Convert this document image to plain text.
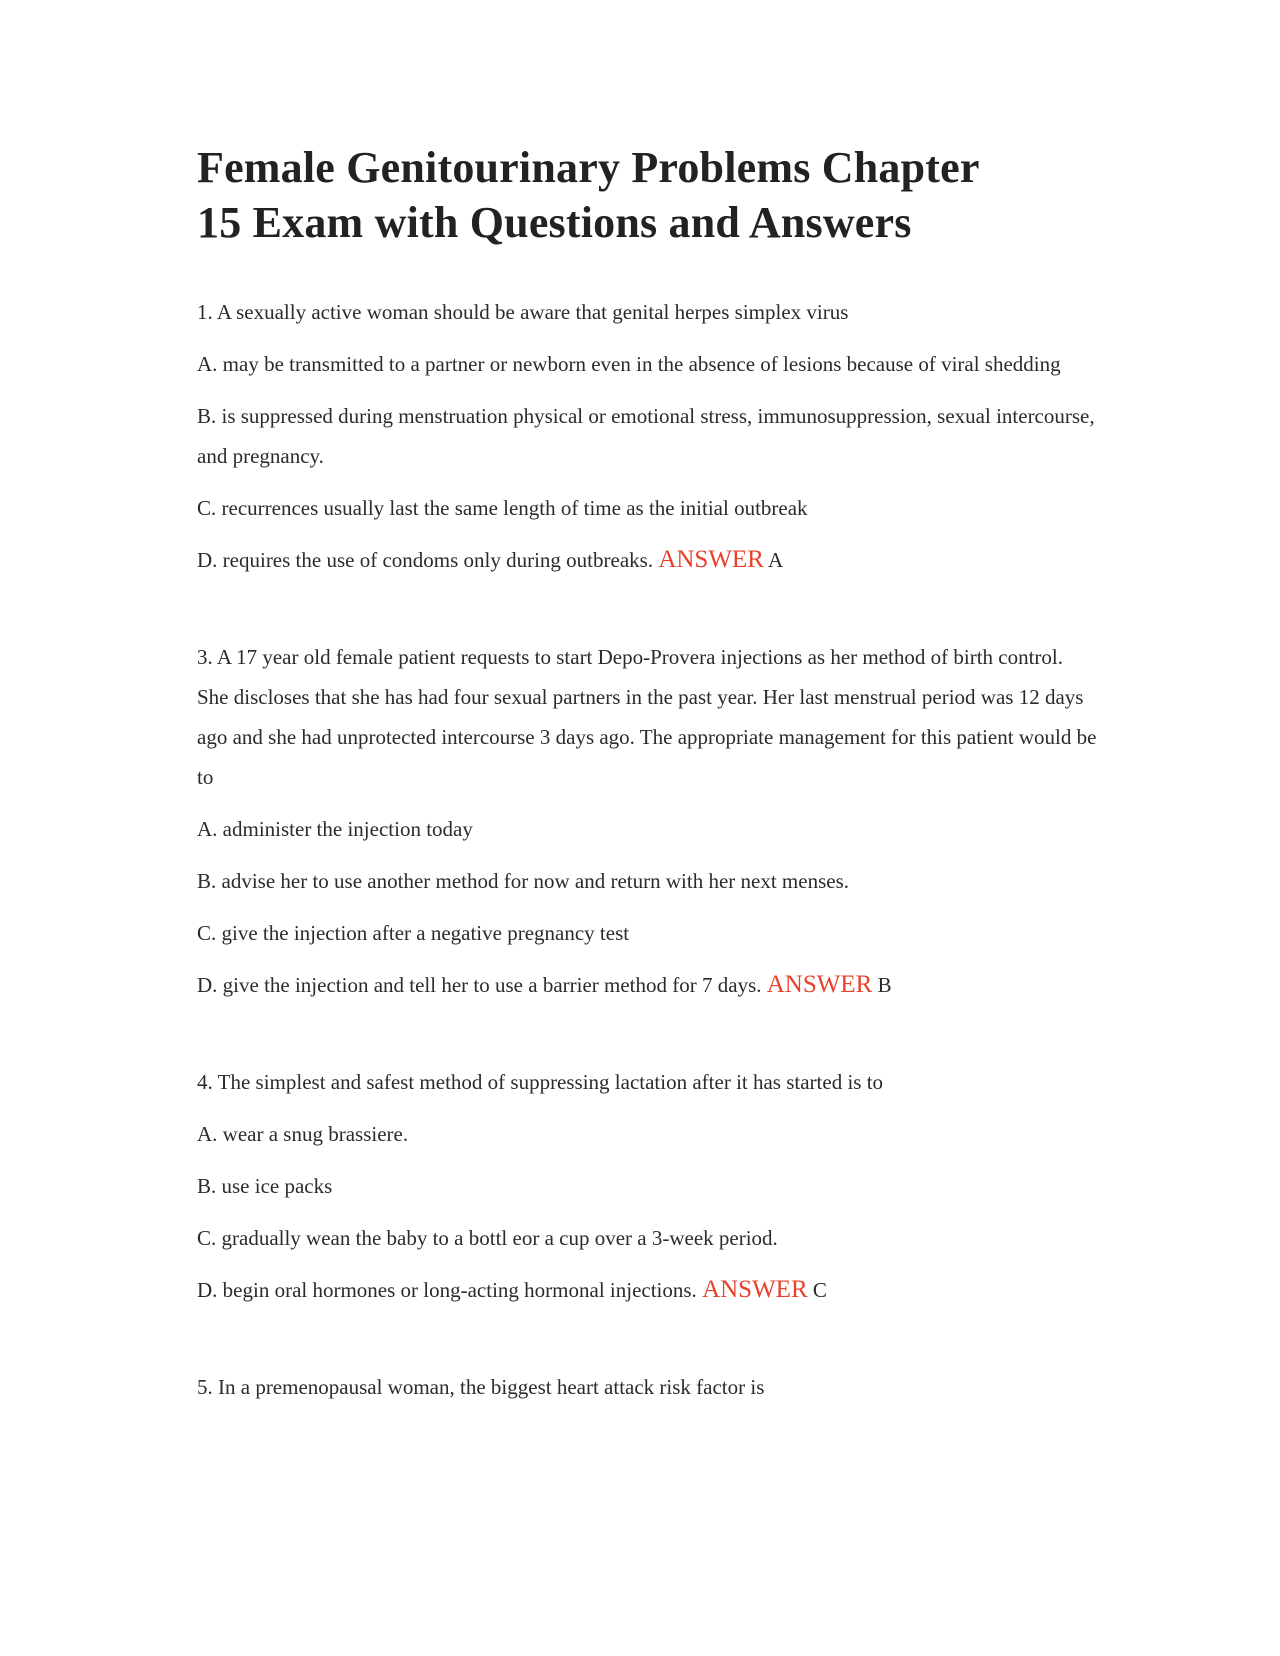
Female Genitourinary Problems Chapter
15 Exam with Questions and Answers

1. A sexually active woman should be aware that genital herpes simplex virus

A. may be transmitted to a partner or newborn even in the absence of lesions because of viral shedding

B. is suppressed during menstruation physical or emotional stress, immunosuppression, sexual intercourse, and pregnancy.

C. recurrences usually last the same length of time as the initial outbreak

D. requires the use of condoms only during outbreaks. ANSWER A

3. A 17 year old female patient requests to start Depo-Provera injections as her method of birth control. She discloses that she has had four sexual partners in the past year. Her last menstrual period was 12 days ago and she had unprotected intercourse 3 days ago. The appropriate management for this patient would be to

A. administer the injection today

B. advise her to use another method for now and return with her next menses.

C. give the injection after a negative pregnancy test

D. give the injection and tell her to use a barrier method for 7 days. ANSWER B

4. The simplest and safest method of suppressing lactation after it has started is to

A. wear a snug brassiere.

B. use ice packs

C. gradually wean the baby to a bottl eor a cup over a 3-week period.

D. begin oral hormones or long-acting hormonal injections. ANSWER C

5. In a premenopausal woman, the biggest heart attack risk factor is
